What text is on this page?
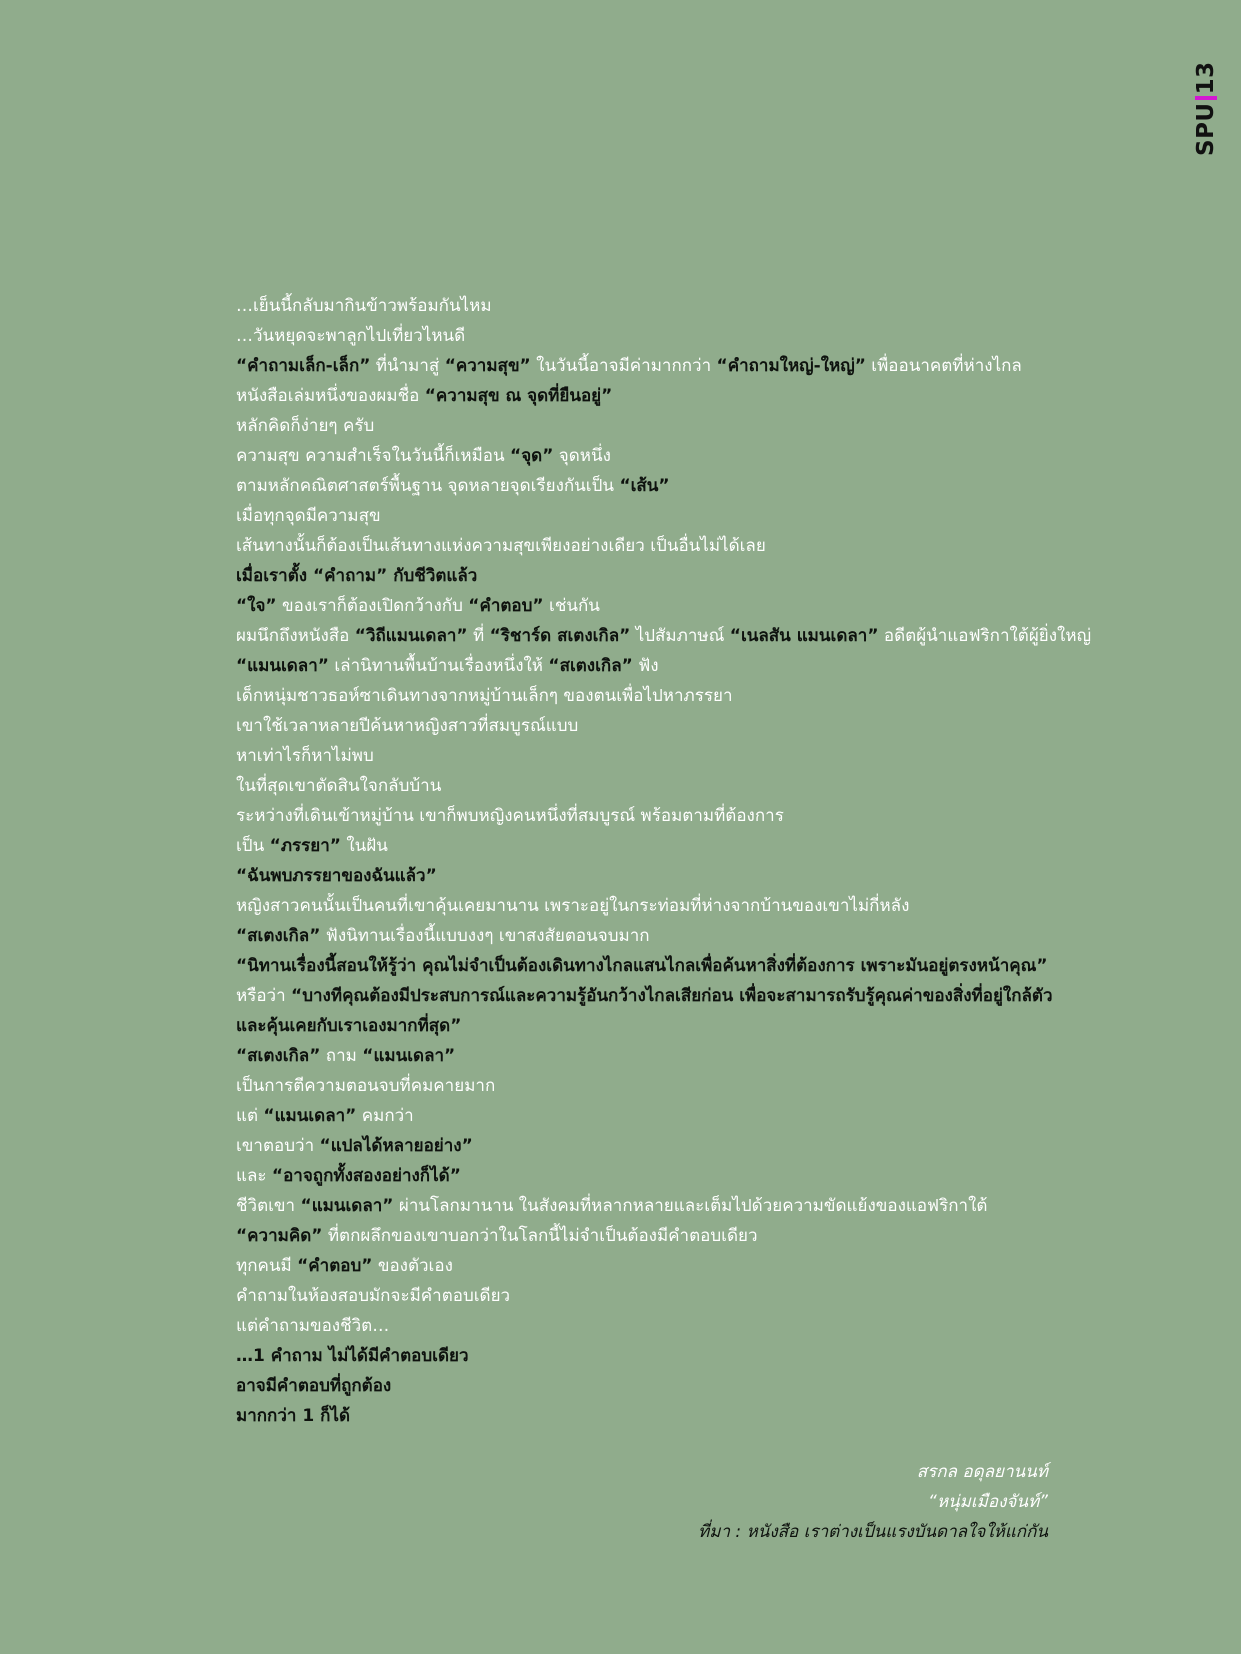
SPU13
…เย็นนี้กลับมากินข้าวพร้อมกันไหม
…วันหยุดจะพาลูกไปเที่ยวไหนดี
“คำถามเล็ก-เล็ก” ที่นำมาสู่ “ความสุข” ในวันนี้อาจมีค่ามากกว่า “คำถามใหญ่-ใหญ่” เพื่ออนาคตที่ห่างไกล
หนังสือเล่มหนึ่งของผมชื่อ “ความสุข ณ จุดที่ยืนอยู่”
หลักคิดก็ง่ายๆ ครับ
ความสุข ความสำเร็จในวันนี้ก็เหมือน “จุด” จุดหนึ่ง
ตามหลักคณิตศาสตร์พื้นฐาน จุดหลายจุดเรียงกันเป็น “เส้น”
เมื่อทุกจุดมีความสุข
เส้นทางนั้นก็ต้องเป็นเส้นทางแห่งความสุขเพียงอย่างเดียว เป็นอื่นไม่ได้เลย
เมื่อเราตั้ง “คำถาม” กับชีวิตแล้ว
“ใจ” ของเราก็ต้องเปิดกว้างกับ “คำตอบ” เช่นกัน
ผมนึกถึงหนังสือ “วิถีแมนเดลา” ที่ “ริชาร์ด สเตงเกิล” ไปสัมภาษณ์ “เนลสัน แมนเดลา” อดีตผู้นำแอฟริกาใต้ผู้ยิ่งใหญ่
“แมนเดลา” เล่านิทานพื้นบ้านเรื่องหนึ่งให้ “สเตงเกิล” ฟัง
เด็กหนุ่มชาวธอห์ซาเดินทางจากหมู่บ้านเล็กๆ ของตนเพื่อไปหาภรรยา
เขาใช้เวลาหลายปีค้นหาหญิงสาวที่สมบูรณ์แบบ
หาเท่าไรก็หาไม่พบ
ในที่สุดเขาตัดสินใจกลับบ้าน
ระหว่างที่เดินเข้าหมู่บ้าน เขาก็พบหญิงคนหนึ่งที่สมบูรณ์ พร้อมตามที่ต้องการ
เป็น “ภรรยา” ในฝัน
“ฉันพบภรรยาของฉันแล้ว”
หญิงสาวคนนั้นเป็นคนที่เขาคุ้นเคยมานาน เพราะอยู่ในกระท่อมที่ห่างจากบ้านของเขาไม่กี่หลัง
“สเตงเกิล” ฟังนิทานเรื่องนี้แบบงงๆ เขาสงสัยตอนจบมาก
“นิทานเรื่องนี้สอนให้รู้ว่า คุณไม่จำเป็นต้องเดินทางไกลแสนไกลเพื่อค้นหาสิ่งที่ต้องการ เพราะมันอยู่ตรงหน้าคุณ”
หรือว่า “บางทีคุณต้องมีประสบการณ์และความรู้อันกว้างไกลเสียก่อน เพื่อจะสามารถรับรู้คุณค่าของสิ่งที่อยู่ใกล้ตัว
และคุ้นเคยกับเราเองมากที่สุด”
“สเตงเกิล” ถาม “แมนเดลา”
เป็นการตีความตอนจบที่คมคายมาก
แต่ “แมนเดลา” คมกว่า
เขาตอบว่า “แปลได้หลายอย่าง”
และ “อาจถูกทั้งสองอย่างก็ได้”
ชีวิตเขา “แมนเดลา” ผ่านโลกมานาน ในสังคมที่หลากหลายและเต็มไปด้วยความขัดแย้งของแอฟริกาใต้
“ความคิด” ที่ตกผลึกของเขาบอกว่าในโลกนี้ไม่จำเป็นต้องมีคำตอบเดียว
ทุกคนมี “คำตอบ” ของตัวเอง
คำถามในห้องสอบมักจะมีคำตอบเดียว
แต่คำถามของชีวิต…
…1 คำถาม ไม่ได้มีคำตอบเดียว
อาจมีคำตอบที่ถูกต้อง
มากกว่า 1 ก็ได้
สรกล อดุลยานนท์
“หนุ่มเมืองจันท์”
ที่มา : หนังสือ เราต่างเป็นแรงบันดาลใจให้แก่กัน
